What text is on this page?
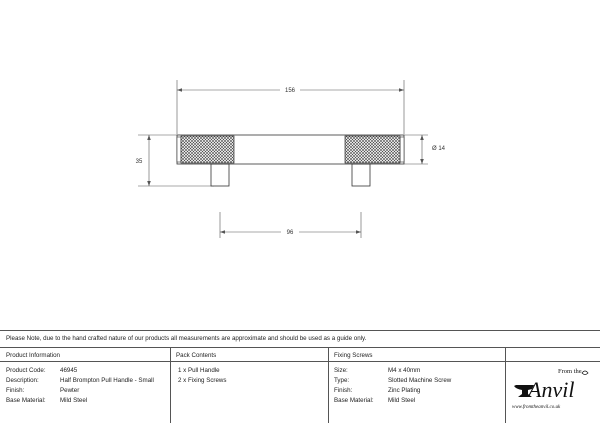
156
35
Ø 14
96
Please Note, due to the hand crafted nature of our products all measurements are approximate and should be used as a guide only.
Product Information
Product Code: 46945
Description:	Half Brompton Pull Handle - Small
Finish:	Pewter
Base Material: Mild Steel
Pack Contents
1 x Pull Handle
2 x Fixing Screws
Fixing Screws
Size:	M4 x 40mm
Type:	Slotted Machine Screw
Finish:	Zinc Plating
Base Material: Mild Steel
From the
Anvil
www.fromtheanvil.co.uk
